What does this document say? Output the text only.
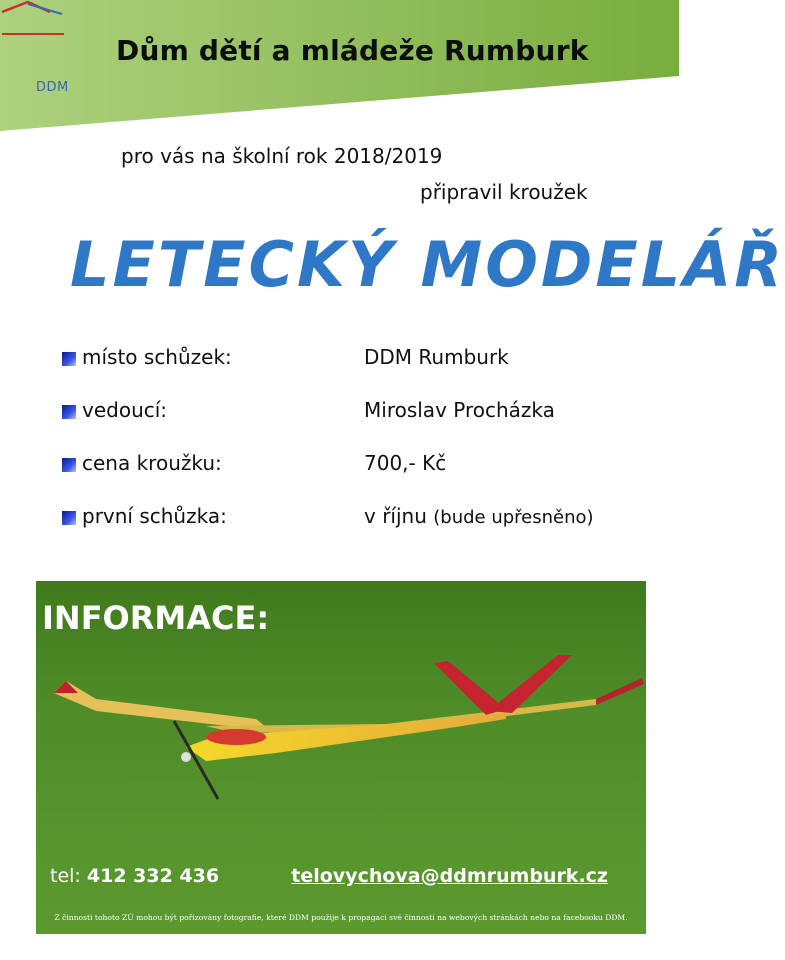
Dům dětí a mládeže Rumburk
DDM
pro vás na školní rok 2018/2019
připravil kroužek
LETECKÝ MODELÁŘ
místo schůzek:	DDM Rumburk
vedoucí:	Miroslav Procházka
cena kroužku:	700,- Kč
první schůzka:	v říjnu (bude upřesněno)
INFORMACE:
tel: 412 332 436	telovychova@ddmrumburk.cz
Z činnosti tohoto ZÚ mohou být pořizovány fotografie, které DDM použije k propagaci své činnosti na webových stránkách nebo na facebooku DDM.
